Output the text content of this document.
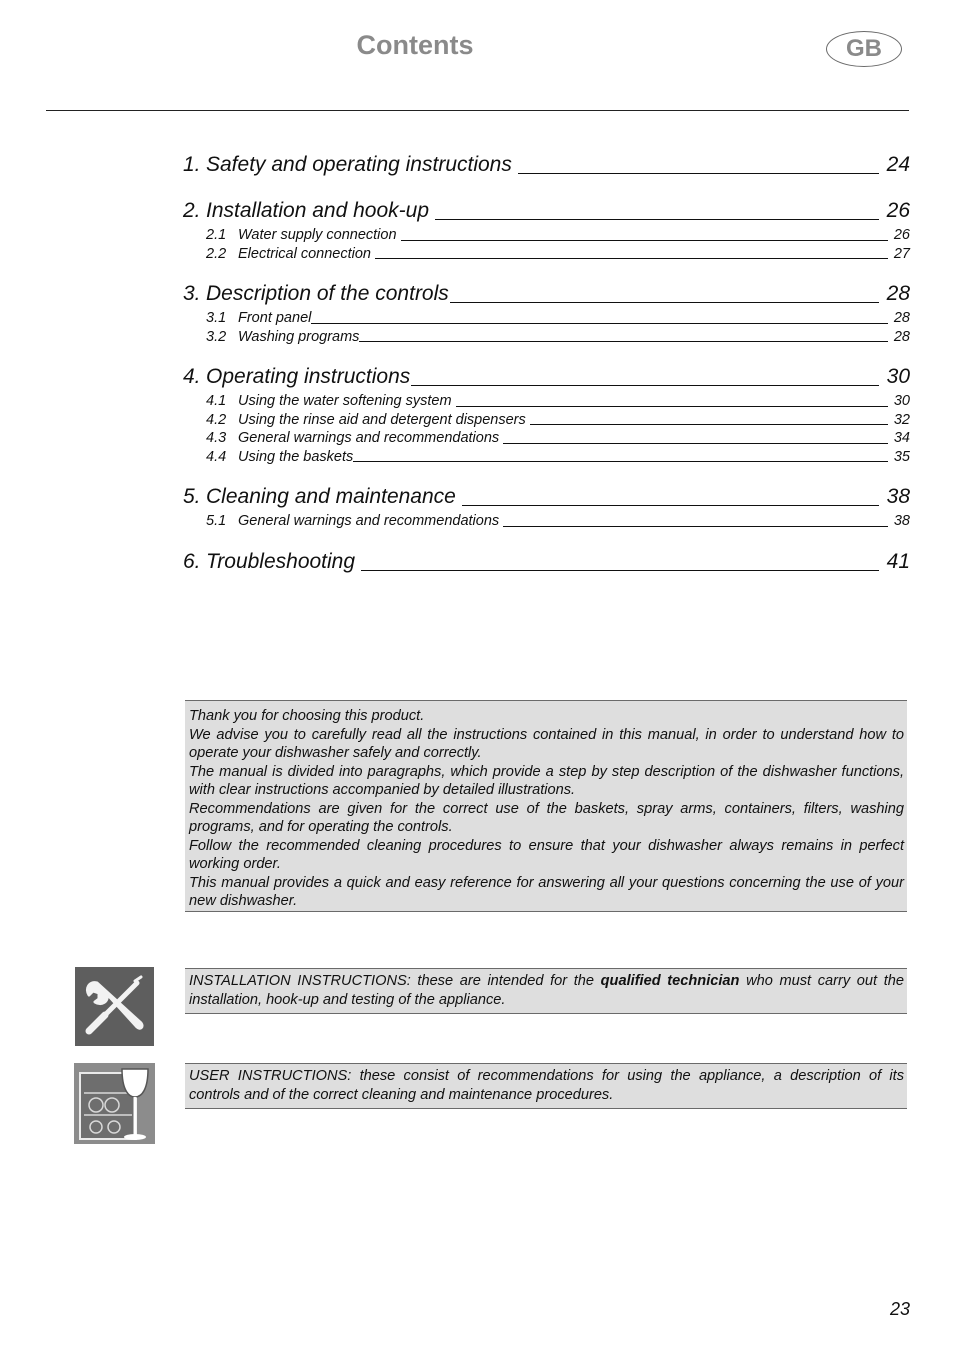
Contents	GB
1. Safety and operating instructions	24
2. Installation and hook-up	26
2.1 Water supply connection	26
2.2 Electrical connection	27
3. Description of the controls	28
3.1 Front panel	28
3.2 Washing programs	28
4. Operating instructions	30
4.1 Using the water softening system	30
4.2 Using the rinse aid and detergent dispensers	32
4.3 General warnings and recommendations	34
4.4 Using the baskets	35
5. Cleaning and maintenance	38
5.1 General warnings and recommendations	38
6. Troubleshooting	41

Thank you for choosing this product.

We advise you to carefully read all the instructions contained in this manual, in order to understand how to operate your dishwasher safely and correctly.

The manual is divided into paragraphs, which provide a step by step description of the dishwasher functions, with clear instructions accompanied by detailed illustrations.

Recommendations are given for the correct use of the baskets, spray arms, containers, filters, washing programs, and for operating the controls.

Follow the recommended cleaning procedures to ensure that your dishwasher always remains in perfect working order.

This manual provides a quick and easy reference for answering all your questions concerning the use of your new dishwasher.

INSTALLATION INSTRUCTIONS: these are intended for the qualified technician who must carry out the installation, hook-up and testing of the appliance.
USER INSTRUCTIONS: these consist of recommendations for using the appliance, a description of its controls and of the correct cleaning and maintenance procedures.
23
